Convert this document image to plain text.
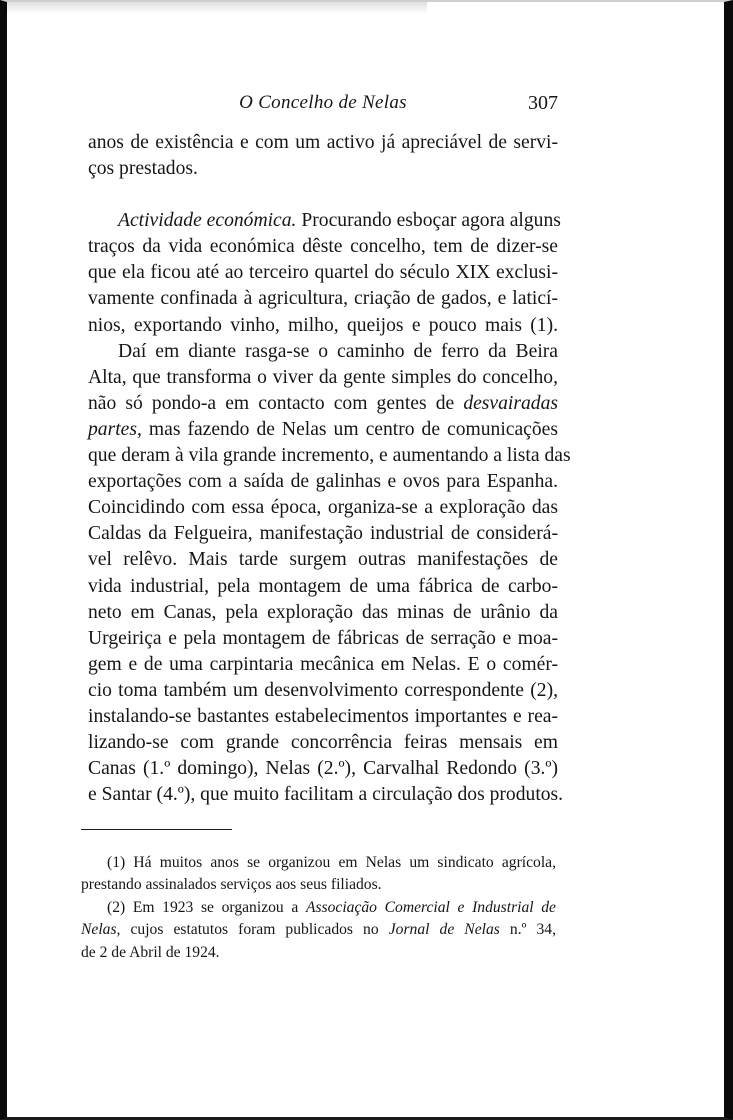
O Concelho de Nelas	307
anos de existência e com um activo já apreciável de servi-
ços prestados.
Actividade económica. Procurando esboçar agora alguns
traços da vida económica dêste concelho, tem de dizer-se
que ela ficou até ao terceiro quartel do século XIX exclusi-
vamente confinada à agricultura, criação de gados, e laticí-
nios, exportando vinho, milho, queijos e pouco mais (1).
Daí em diante rasga-se o caminho de ferro da Beira
Alta, que transforma o viver da gente simples do concelho,
não só pondo-a em contacto com gentes de desvairadas
partes, mas fazendo de Nelas um centro de comunicações
que deram à vila grande incremento, e aumentando a lista das
exportações com a saída de galinhas e ovos para Espanha.
Coincidindo com essa época, organiza-se a exploração das
Caldas da Felgueira, manifestação industrial de considerá-
vel relêvo. Mais tarde surgem outras manifestações de
vida industrial, pela montagem de uma fábrica de carbo-
neto em Canas, pela exploração das minas de urânio da
Urgeiriça e pela montagem de fábricas de serração e moa-
gem e de uma carpintaria mecânica em Nelas. E o comér-
cio toma também um desenvolvimento correspondente (2),
instalando-se bastantes estabelecimentos importantes e rea-
lizando-se com grande concorrência feiras mensais em
Canas (1.º domingo), Nelas (2.º), Carvalhal Redondo (3.º)
e Santar (4.º), que muito facilitam a circulação dos produtos.
(1) Há muitos anos se organizou em Nelas um sindicato agrícola,
prestando assinalados serviços aos seus filiados.
(2) Em 1923 se organizou a Associação Comercial e Industrial de
Nelas, cujos estatutos foram publicados no Jornal de Nelas n.º 34,
de 2 de Abril de 1924.
